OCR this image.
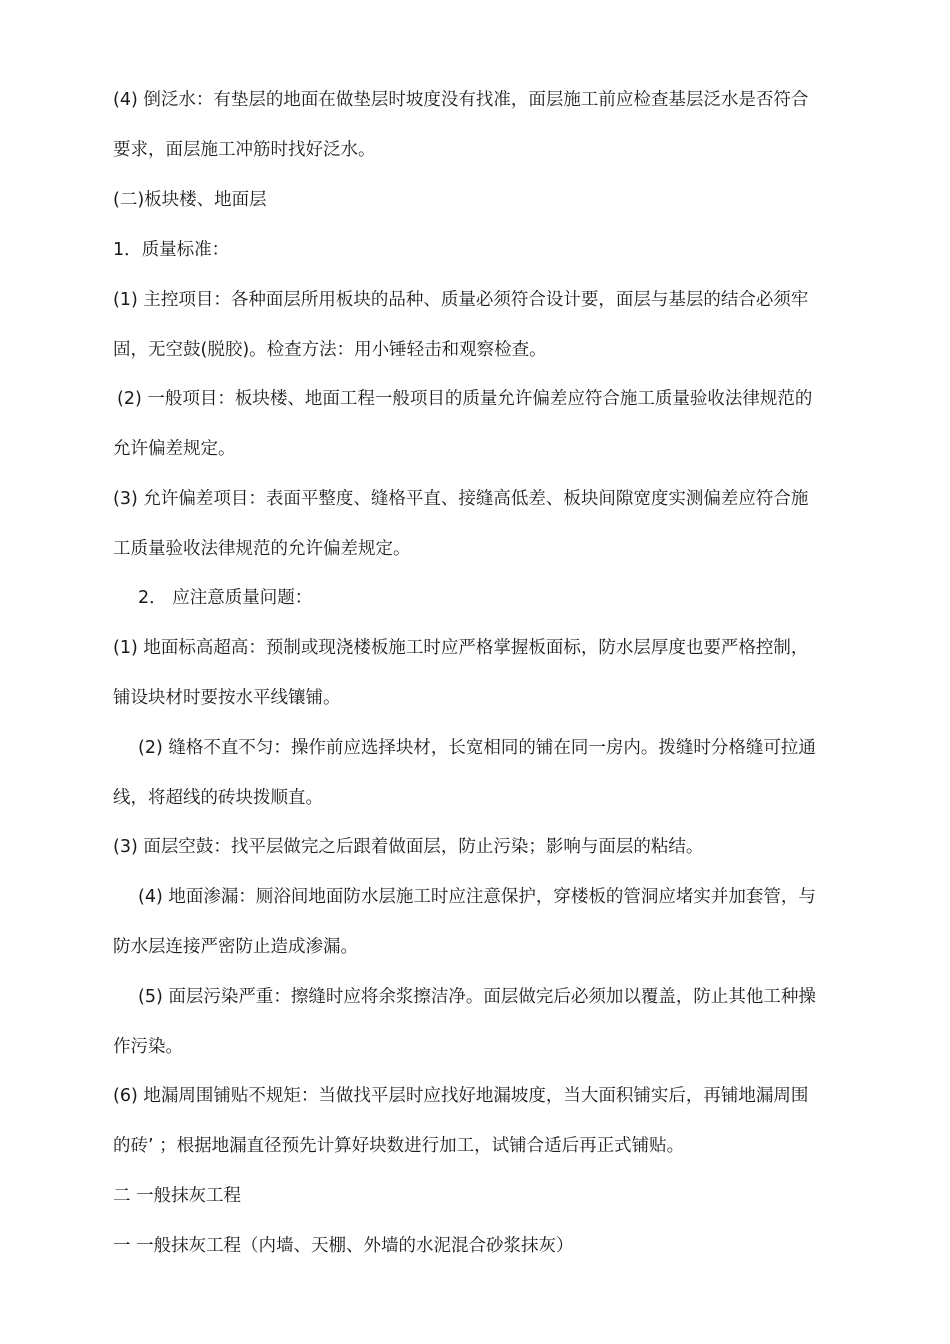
(4) 倒泛水：有垫层的地面在做垫层时坡度没有找准，面层施工前应检查基层泛水是否符合
要求，面层施工冲筋时找好泛水。
(二)板块楼、地面层
1．质量标准：
(1) 主控项目：各种面层所用板块的品种、质量必须符合设计要，面层与基层的结合必须牢
固，无空鼓(脱胶)。检查方法：用小锤轻击和观察检查。
(2) 一般项目：板块楼、地面工程一般项目的质量允许偏差应符合施工质量验收法律规范的
允许偏差规定。
(3) 允许偏差项目：表面平整度、缝格平直、接缝高低差、板块间隙宽度实测偏差应符合施
工质量验收法律规范的允许偏差规定。
2． 应注意质量问题：
(1) 地面标高超高：预制或现浇楼板施工时应严格掌握板面标，防水层厚度也要严格控制，
铺设块材时要按水平线镶铺。
(2) 缝格不直不匀：操作前应选择块材，长宽相同的铺在同一房内。拨缝时分格缝可拉通
线，将超线的砖块拨顺直。
(3) 面层空鼓：找平层做完之后跟着做面层，防止污染；影响与面层的粘结。
(4) 地面渗漏：厕浴间地面防水层施工时应注意保护，穿楼板的管洞应堵实并加套管，与
防水层连接严密防止造成渗漏。
(5) 面层污染严重：擦缝时应将余浆擦洁净。面层做完后必须加以覆盖，防止其他工种操
作污染。
(6) 地漏周围铺贴不规矩：当做找平层时应找好地漏坡度，当大面积铺实后，再铺地漏周围
的砖’ ；根据地漏直径预先计算好块数进行加工，试铺合适后再正式铺贴。
二 一般抹灰工程
一 一般抹灰工程（内墙、天棚、外墙的水泥混合砂浆抹灰）
